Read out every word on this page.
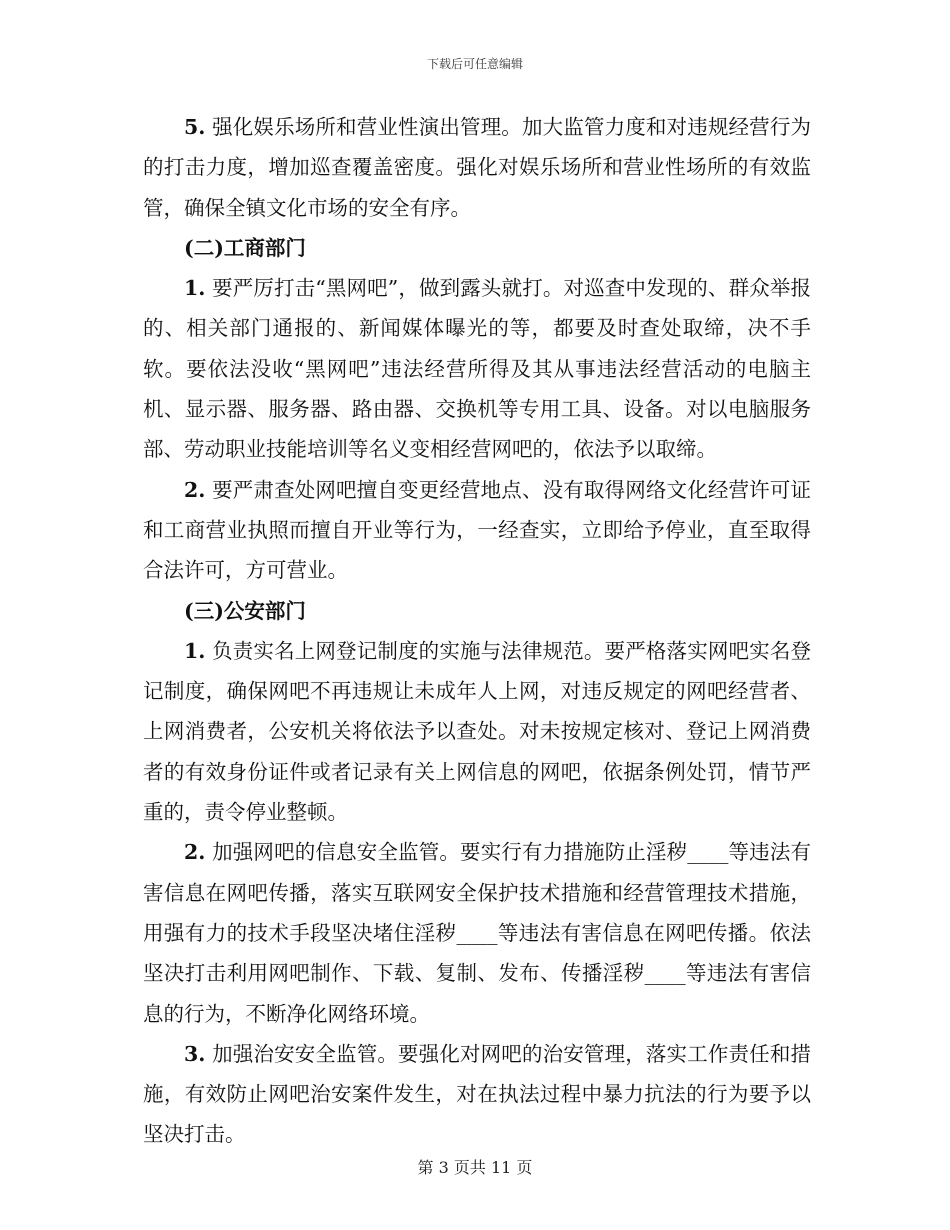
下载后可任意编辑

5. 强化娱乐场所和营业性演出管理。加大监管力度和对违规经营行为的打击力度，增加巡查覆盖密度。强化对娱乐场所和营业性场所的有效监管，确保全镇文化市场的安全有序。

(二)工商部门

1. 要严厉打击“黑网吧”，做到露头就打。对巡查中发现的、群众举报的、相关部门通报的、新闻媒体曝光的等，都要及时查处取缔，决不手软。要依法没收“黑网吧”违法经营所得及其从事违法经营活动的电脑主机、显示器、服务器、路由器、交换机等专用工具、设备。对以电脑服务部、劳动职业技能培训等名义变相经营网吧的，依法予以取缔。

2. 要严肃查处网吧擅自变更经营地点、没有取得网络文化经营许可证和工商营业执照而擅自开业等行为，一经查实，立即给予停业，直至取得合法许可，方可营业。

(三)公安部门

1. 负责实名上网登记制度的实施与法律规范。要严格落实网吧实名登记制度，确保网吧不再违规让未成年人上网，对违反规定的网吧经营者、上网消费者，公安机关将依法予以查处。对未按规定核对、登记上网消费者的有效身份证件或者记录有关上网信息的网吧，依据条例处罚，情节严重的，责令停业整顿。

2. 加强网吧的信息安全监管。要实行有力措施防止淫秽____等违法有害信息在网吧传播，落实互联网安全保护技术措施和经营管理技术措施，用强有力的技术手段坚决堵住淫秽____等违法有害信息在网吧传播。依法坚决打击利用网吧制作、下载、复制、发布、传播淫秽____等违法有害信息的行为，不断净化网络环境。

3. 加强治安安全监管。要强化对网吧的治安管理，落实工作责任和措施，有效防止网吧治安案件发生，对在执法过程中暴力抗法的行为要予以坚决打击。

第 3 页共 11 页
